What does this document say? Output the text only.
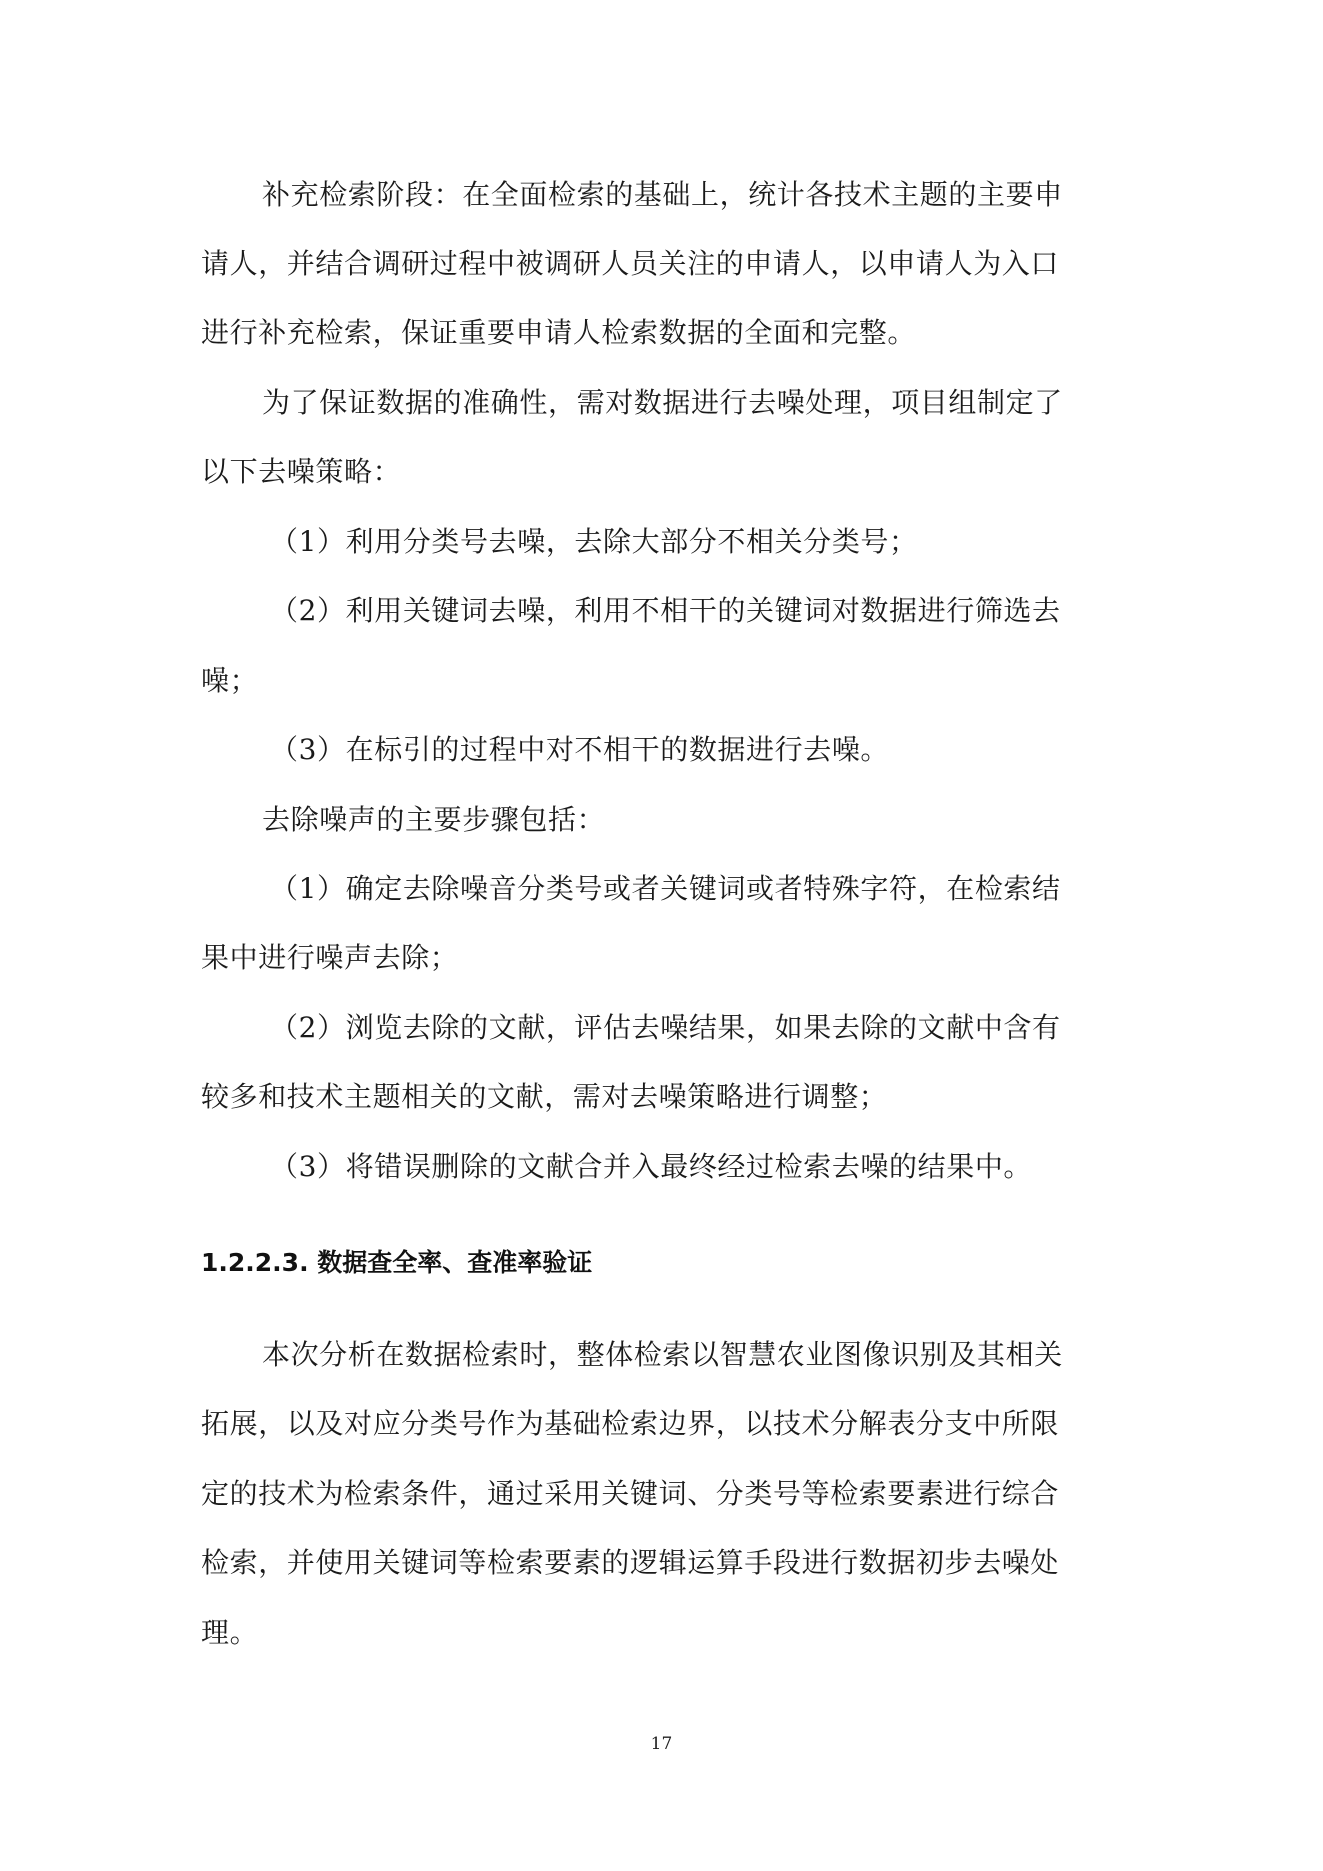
补充检索阶段：在全面检索的基础上，统计各技术主题的主要申
请人，并结合调研过程中被调研人员关注的申请人，以申请人为入口
进行补充检索，保证重要申请人检索数据的全面和完整。
为了保证数据的准确性，需对数据进行去噪处理，项目组制定了
以下去噪策略：
（1）利用分类号去噪，去除大部分不相关分类号；
（2）利用关键词去噪，利用不相干的关键词对数据进行筛选去
噪；
（3）在标引的过程中对不相干的数据进行去噪。
去除噪声的主要步骤包括：
（1）确定去除噪音分类号或者关键词或者特殊字符，在检索结
果中进行噪声去除；
（2）浏览去除的文献，评估去噪结果，如果去除的文献中含有
较多和技术主题相关的文献，需对去噪策略进行调整；
（3）将错误删除的文献合并入最终经过检索去噪的结果中。
1.2.2.3. 数据查全率、查准率验证
本次分析在数据检索时，整体检索以智慧农业图像识别及其相关
拓展，以及对应分类号作为基础检索边界，以技术分解表分支中所限
定的技术为检索条件，通过采用关键词、分类号等检索要素进行综合
检索，并使用关键词等检索要素的逻辑运算手段进行数据初步去噪处
理。
17
